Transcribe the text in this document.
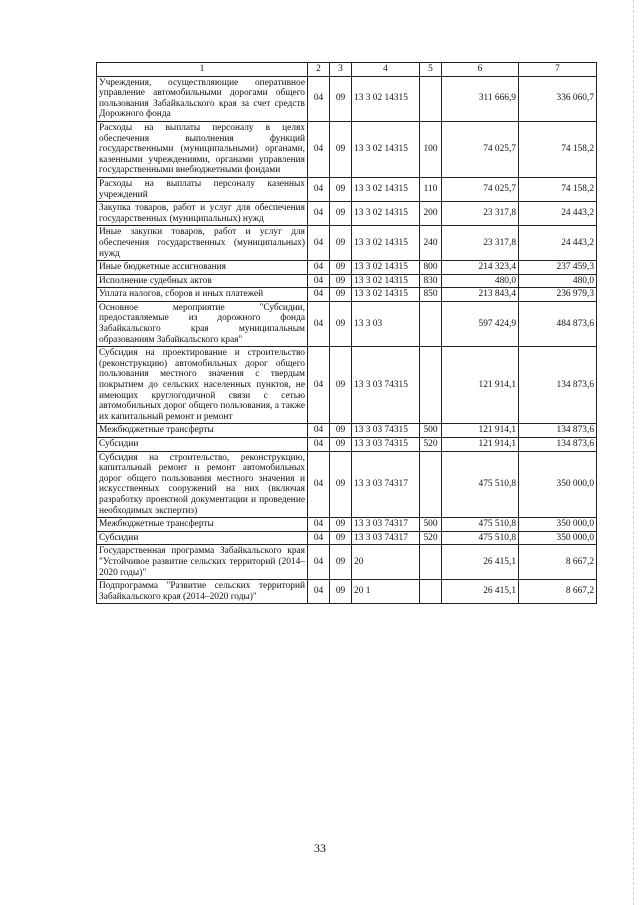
1	2	3	4	5	6	7
Учреждения, осуществляющие оперативное управление автомобильными дорогами общего пользования Забайкальского края за счет средств Дорожного фонда	04	09	13 3 02 14315		311 666,9	336 060,7
Расходы на выплаты персоналу в целях обеспечения выполнения функций государственными (муниципальными) органами, казенными учреждениями, органами управления государственными внебюджетными фондами	04	09	13 3 02 14315	100	74 025,7	74 158,2
Расходы на выплаты персоналу казенных учреждений	04	09	13 3 02 14315	110	74 025,7	74 158,2
Закупка товаров, работ и услуг для обеспечения государственных (муниципальных) нужд	04	09	13 3 02 14315	200	23 317,8	24 443,2
Иные закупки товаров, работ и услуг для обеспечения государственных (муниципальных) нужд	04	09	13 3 02 14315	240	23 317,8	24 443,2
Иные бюджетные ассигнования	04	09	13 3 02 14315	800	214 323,4	237 459,3
Исполнение судебных актов	04	09	13 3 02 14315	830	480,0	480,0
Уплата налогов, сборов и иных платежей	04	09	13 3 02 14315	850	213 843,4	236 979,3
Основное мероприятие "Субсидии, предоставляемые из дорожного фонда Забайкальского края муниципальным образованиям Забайкальского края"	04	09	13 3 03		597 424,9	484 873,6
Субсидия на проектирование и строительство (реконструкцию) автомобильных дорог общего пользования местного значения с твердым покрытием до сельских населенных пунктов, не имеющих круглогодичной связи с сетью автомобильных дорог общего пользования, а также их капитальный ремонт и ремонт	04	09	13 3 03 74315		121 914,1	134 873,6
Межбюджетные трансферты	04	09	13 3 03 74315	500	121 914,1	134 873,6
Субсидии	04	09	13 3 03 74315	520	121 914,1	134 873,6
Субсидия на строительство, реконструкцию, капитальный ремонт и ремонт автомобильных дорог общего пользования местного значения и искусственных сооружений на них (включая разработку проектной документации и проведение необходимых экспертиз)	04	09	13 3 03 74317		475 510,8	350 000,0
Межбюджетные трансферты	04	09	13 3 03 74317	500	475 510,8	350 000,0
Субсидии	04	09	13 3 03 74317	520	475 510,8	350 000,0
Государственная программа Забайкальского края "Устойчивое развитие сельских территорий (2014–2020 годы)"	04	09	20		26 415,1	8 667,2
Подпрограмма "Развитие сельских территорий Забайкальского края (2014–2020 годы)"	04	09	20 1		26 415,1	8 667,2
33
